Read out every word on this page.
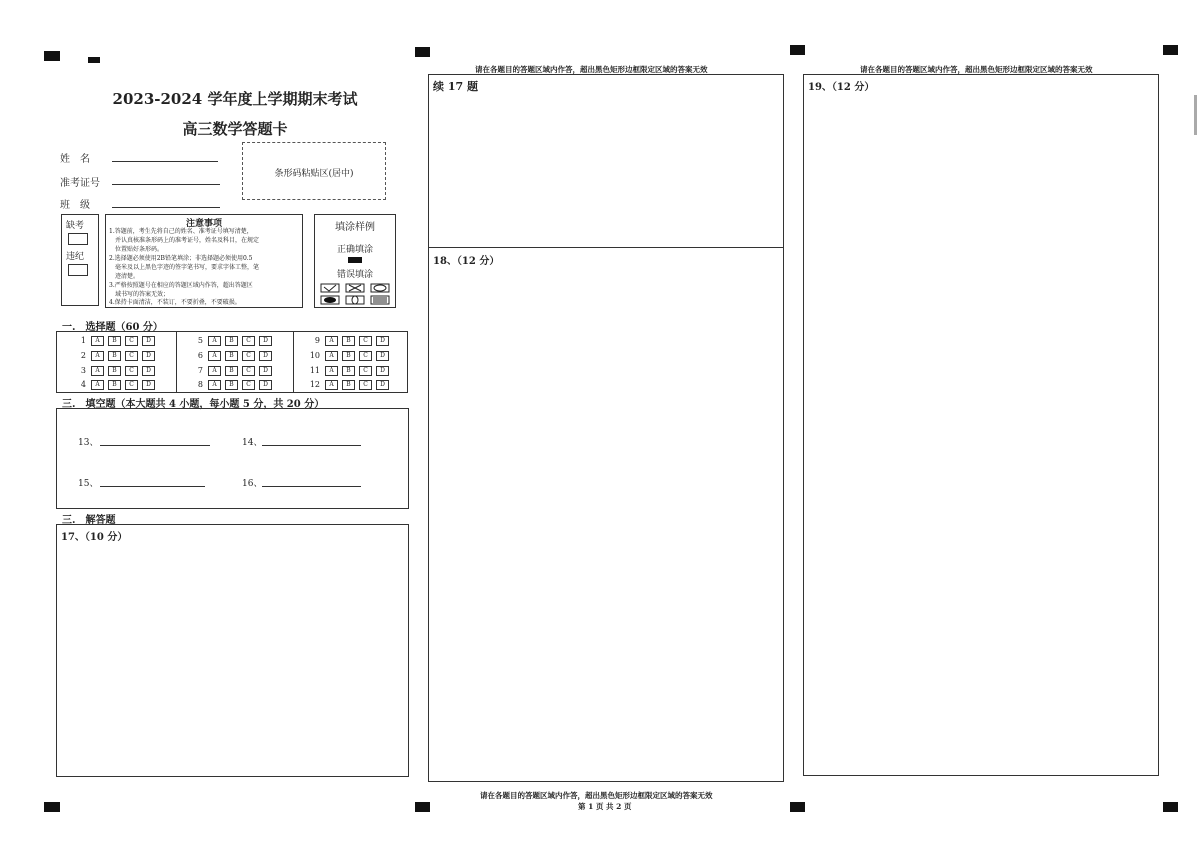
2023-2024 学年度上学期期末考试
高三数学答题卡
姓　名
准考证号
班　级
条形码粘贴区(居中)
缺考
违纪
注意事项
1.答题前，考生先将自己的姓名、准考证号填写清楚，
并认真核准条形码上的准考证号，姓名及科目，在规定
位置贴好条形码。
2.选择题必须使用2B铅笔填涂；非选择题必须使用0.5
毫米及以上黑色字迹的签字笔书写，要求字体工整，笔
迹清楚。
3.严格按照题号在相应的答题区域内作答，超出答题区
域书写的答案无效；
4.保持卡面清洁，不装订，不要折叠，不要破损。
填涂样例
正确填涂
错误填涂
一.　选择题（60 分）
1 A B C D
2 A B C D
3 A B C D
4 A B C D
5 A B C D
6 A B C D
7 A B C D
8 A B C D
9 A B C D
10 A B C D
11 A B C D
12 A B C D
三.　填空题（本大题共 4 小题，每小题 5 分，共 20 分）
13、	14、
15、	16、
三.　解答题
17、（10 分）
请在各题目的答题区域内作答，超出黑色矩形边框限定区域的答案无效
续 17 题
18、（12 分）
请在各题目的答题区域内作答，超出黑色矩形边框限定区域的答案无效
第 1 页 共 2 页
请在各题目的答题区域内作答，超出黑色矩形边框限定区域的答案无效
19、（12 分）
